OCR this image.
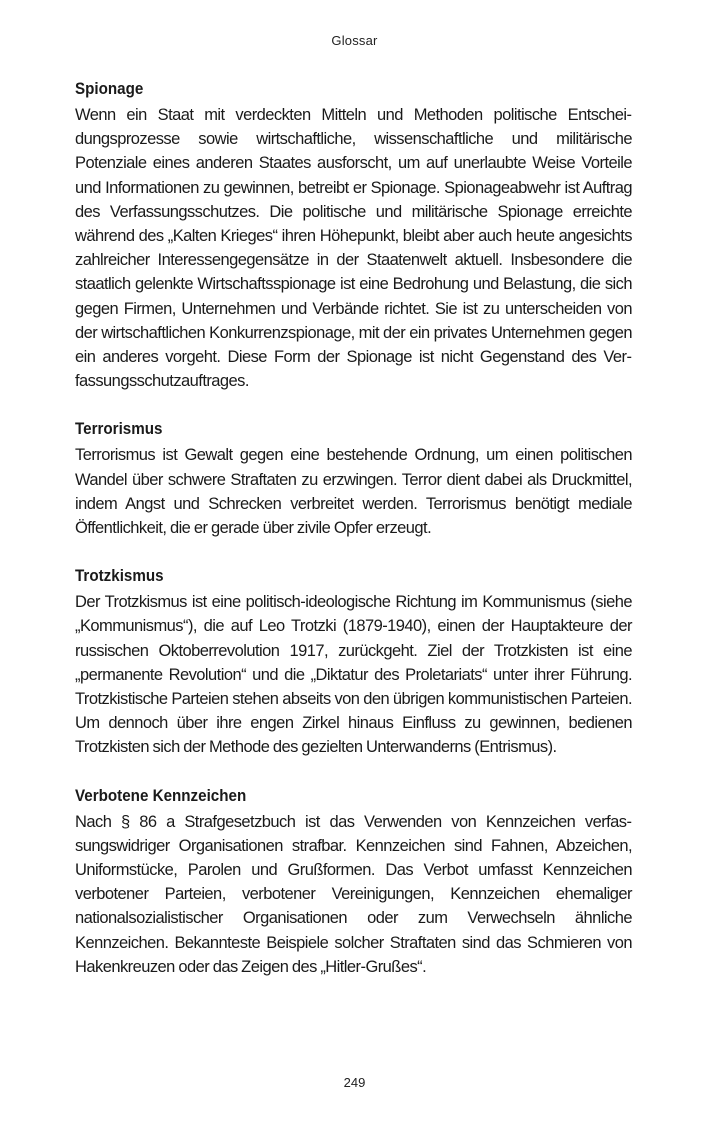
Glossar
Spionage

Wenn ein Staat mit verdeckten Mitteln und Methoden politische Entscheidungsprozesse sowie wirtschaftliche, wissenschaftliche und militärische Potenziale eines anderen Staates ausforscht, um auf unerlaubte Weise Vorteile und Informationen zu gewinnen, betreibt er Spionage. Spionageabwehr ist Auftrag des Verfassungsschutzes. Die politische und militärische Spionage erreichte während des „Kalten Krieges“ ihren Höhepunkt, bleibt aber auch heute angesichts zahlreicher Interessengegensätze in der Staatenwelt aktuell. Insbesondere die staatlich gelenkte Wirtschaftsspionage ist eine Bedrohung und Belastung, die sich gegen Firmen, Unternehmen und Verbände richtet. Sie ist zu unterscheiden von der wirtschaftlichen Konkurrenzspionage, mit der ein privates Unternehmen gegen ein anderes vorgeht. Diese Form der Spionage ist nicht Gegenstand des Verfassungsschutzauftrages.

Terrorismus

Terrorismus ist Gewalt gegen eine bestehende Ordnung, um einen politischen Wandel über schwere Straftaten zu erzwingen. Terror dient dabei als Druckmittel, indem Angst und Schrecken verbreitet werden. Terrorismus benötigt mediale Öffentlichkeit, die er gerade über zivile Opfer erzeugt.

Trotzkismus

Der Trotzkismus ist eine politisch-ideologische Richtung im Kommunismus (siehe „Kommunismus“), die auf Leo Trotzki (1879-1940), einen der Hauptakteure der russischen Oktoberrevolution 1917, zurückgeht. Ziel der Trotzkisten ist eine „permanente Revolution“ und die „Diktatur des Proletariats“ unter ihrer Führung. Trotzkistische Parteien stehen abseits von den übrigen kommunistischen Parteien. Um dennoch über ihre engen Zirkel hinaus Einfluss zu gewinnen, bedienen Trotzkisten sich der Methode des gezielten Unterwanderns (Entrismus).

Verbotene Kennzeichen

Nach § 86 a Strafgesetzbuch ist das Verwenden von Kennzeichen verfassungswidriger Organisationen strafbar. Kennzeichen sind Fahnen, Abzeichen, Uniformstücke, Parolen und Grußformen. Das Verbot umfasst Kennzeichen verbotener Parteien, verbotener Vereinigungen, Kennzeichen ehemaliger nationalsozialistischer Organisationen oder zum Verwechseln ähnliche Kennzeichen. Bekannteste Beispiele solcher Straftaten sind das Schmieren von Hakenkreuzen oder das Zeigen des „Hitler-Grußes“.

249
